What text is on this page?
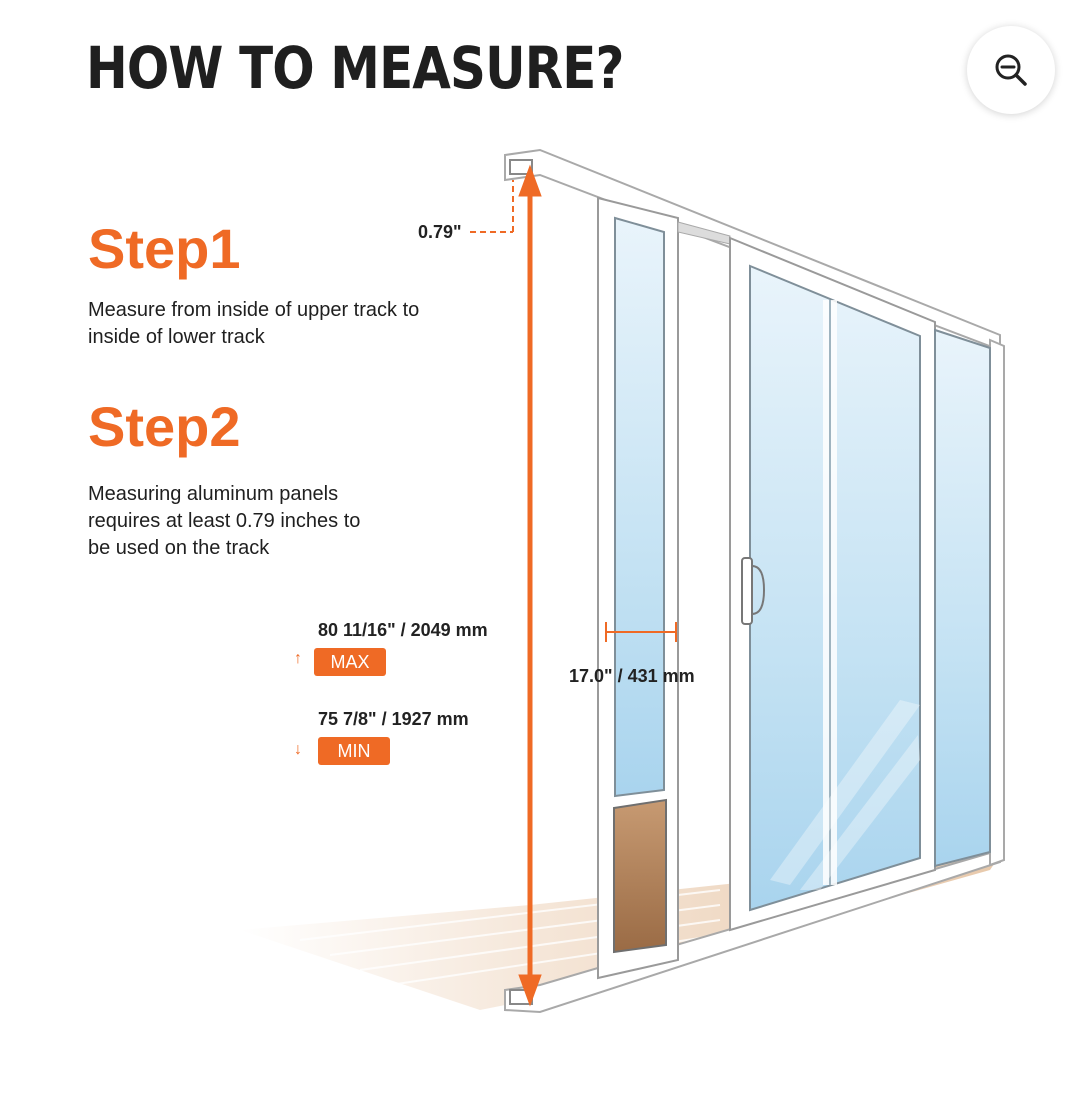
HOW TO MEASURE?
Step1

Measure from inside of upper track to inside of lower track

Step2

Measuring aluminum panels requires at least 0.79 inches to be used on the track

0.79"
80 11/16" / 2049 mm
↑	MAX
75 7/8" / 1927 mm
↓	MIN
17.0" / 431 mm
